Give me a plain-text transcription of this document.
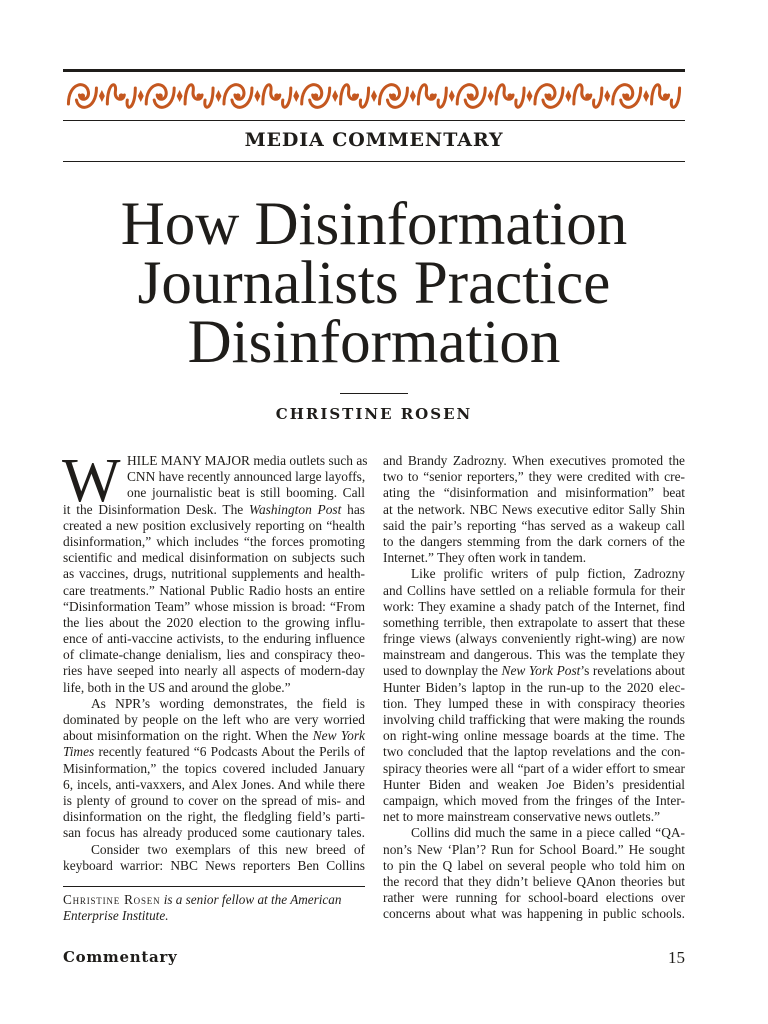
MEDIA COMMENTARY
How Disinformation
Journalists Practice
Disinformation
CHRISTINE ROSEN
W HILE MANY MAJOR media outlets such as
CNN have recently announced large layoffs,
one journalistic beat is still booming. Call
it the Disinformation Desk. The Washington Post has
created a new position exclusively reporting on “health
disinformation,” which includes “the forces promoting
scientific and medical disinformation on subjects such
as vaccines, drugs, nutritional supplements and health-
care treatments.” National Public Radio hosts an entire
“Disinformation Team” whose mission is broad: “From
the lies about the 2020 election to the growing influ-
ence of anti-vaccine activists, to the enduring influence
of climate-change denialism, lies and conspiracy theo-
ries have seeped into nearly all aspects of modern-day
life, both in the US and around the globe.”
As NPR’s wording demonstrates, the field is
dominated by people on the left who are very worried
about misinformation on the right. When the New York
Times recently featured “6 Podcasts About the Perils of
Misinformation,” the topics covered included January
6, incels, anti-vaxxers, and Alex Jones. And while there
is plenty of ground to cover on the spread of mis- and
disinformation on the right, the fledgling field’s parti-
san focus has already produced some cautionary tales.
Consider two exemplars of this new breed of
keyboard warrior: NBC News reporters Ben Collins
and Brandy Zadrozny. When executives promoted the
two to “senior reporters,” they were credited with cre-
ating the “disinformation and misinformation” beat
at the network. NBC News executive editor Sally Shin
said the pair’s reporting “has served as a wakeup call
to the dangers stemming from the dark corners of the
Internet.” They often work in tandem.
Like prolific writers of pulp fiction, Zadrozny
and Collins have settled on a reliable formula for their
work: They examine a shady patch of the Internet, find
something terrible, then extrapolate to assert that these
fringe views (always conveniently right-wing) are now
mainstream and dangerous. This was the template they
used to downplay the New York Post’s revelations about
Hunter Biden’s laptop in the run-up to the 2020 elec-
tion. They lumped these in with conspiracy theories
involving child trafficking that were making the rounds
on right-wing online message boards at the time. The
two concluded that the laptop revelations and the con-
spiracy theories were all “part of a wider effort to smear
Hunter Biden and weaken Joe Biden’s presidential
campaign, which moved from the fringes of the Inter-
net to more mainstream conservative news outlets.”
Collins did much the same in a piece called “QA-
non’s New ‘Plan’? Run for School Board.” He sought
to pin the Q label on several people who told him on
the record that they didn’t believe QAnon theories but
rather were running for school-board elections over
concerns about what was happening in public schools.
Christine Rosen is a senior fellow at the American
Enterprise Institute.
Commentary	15
